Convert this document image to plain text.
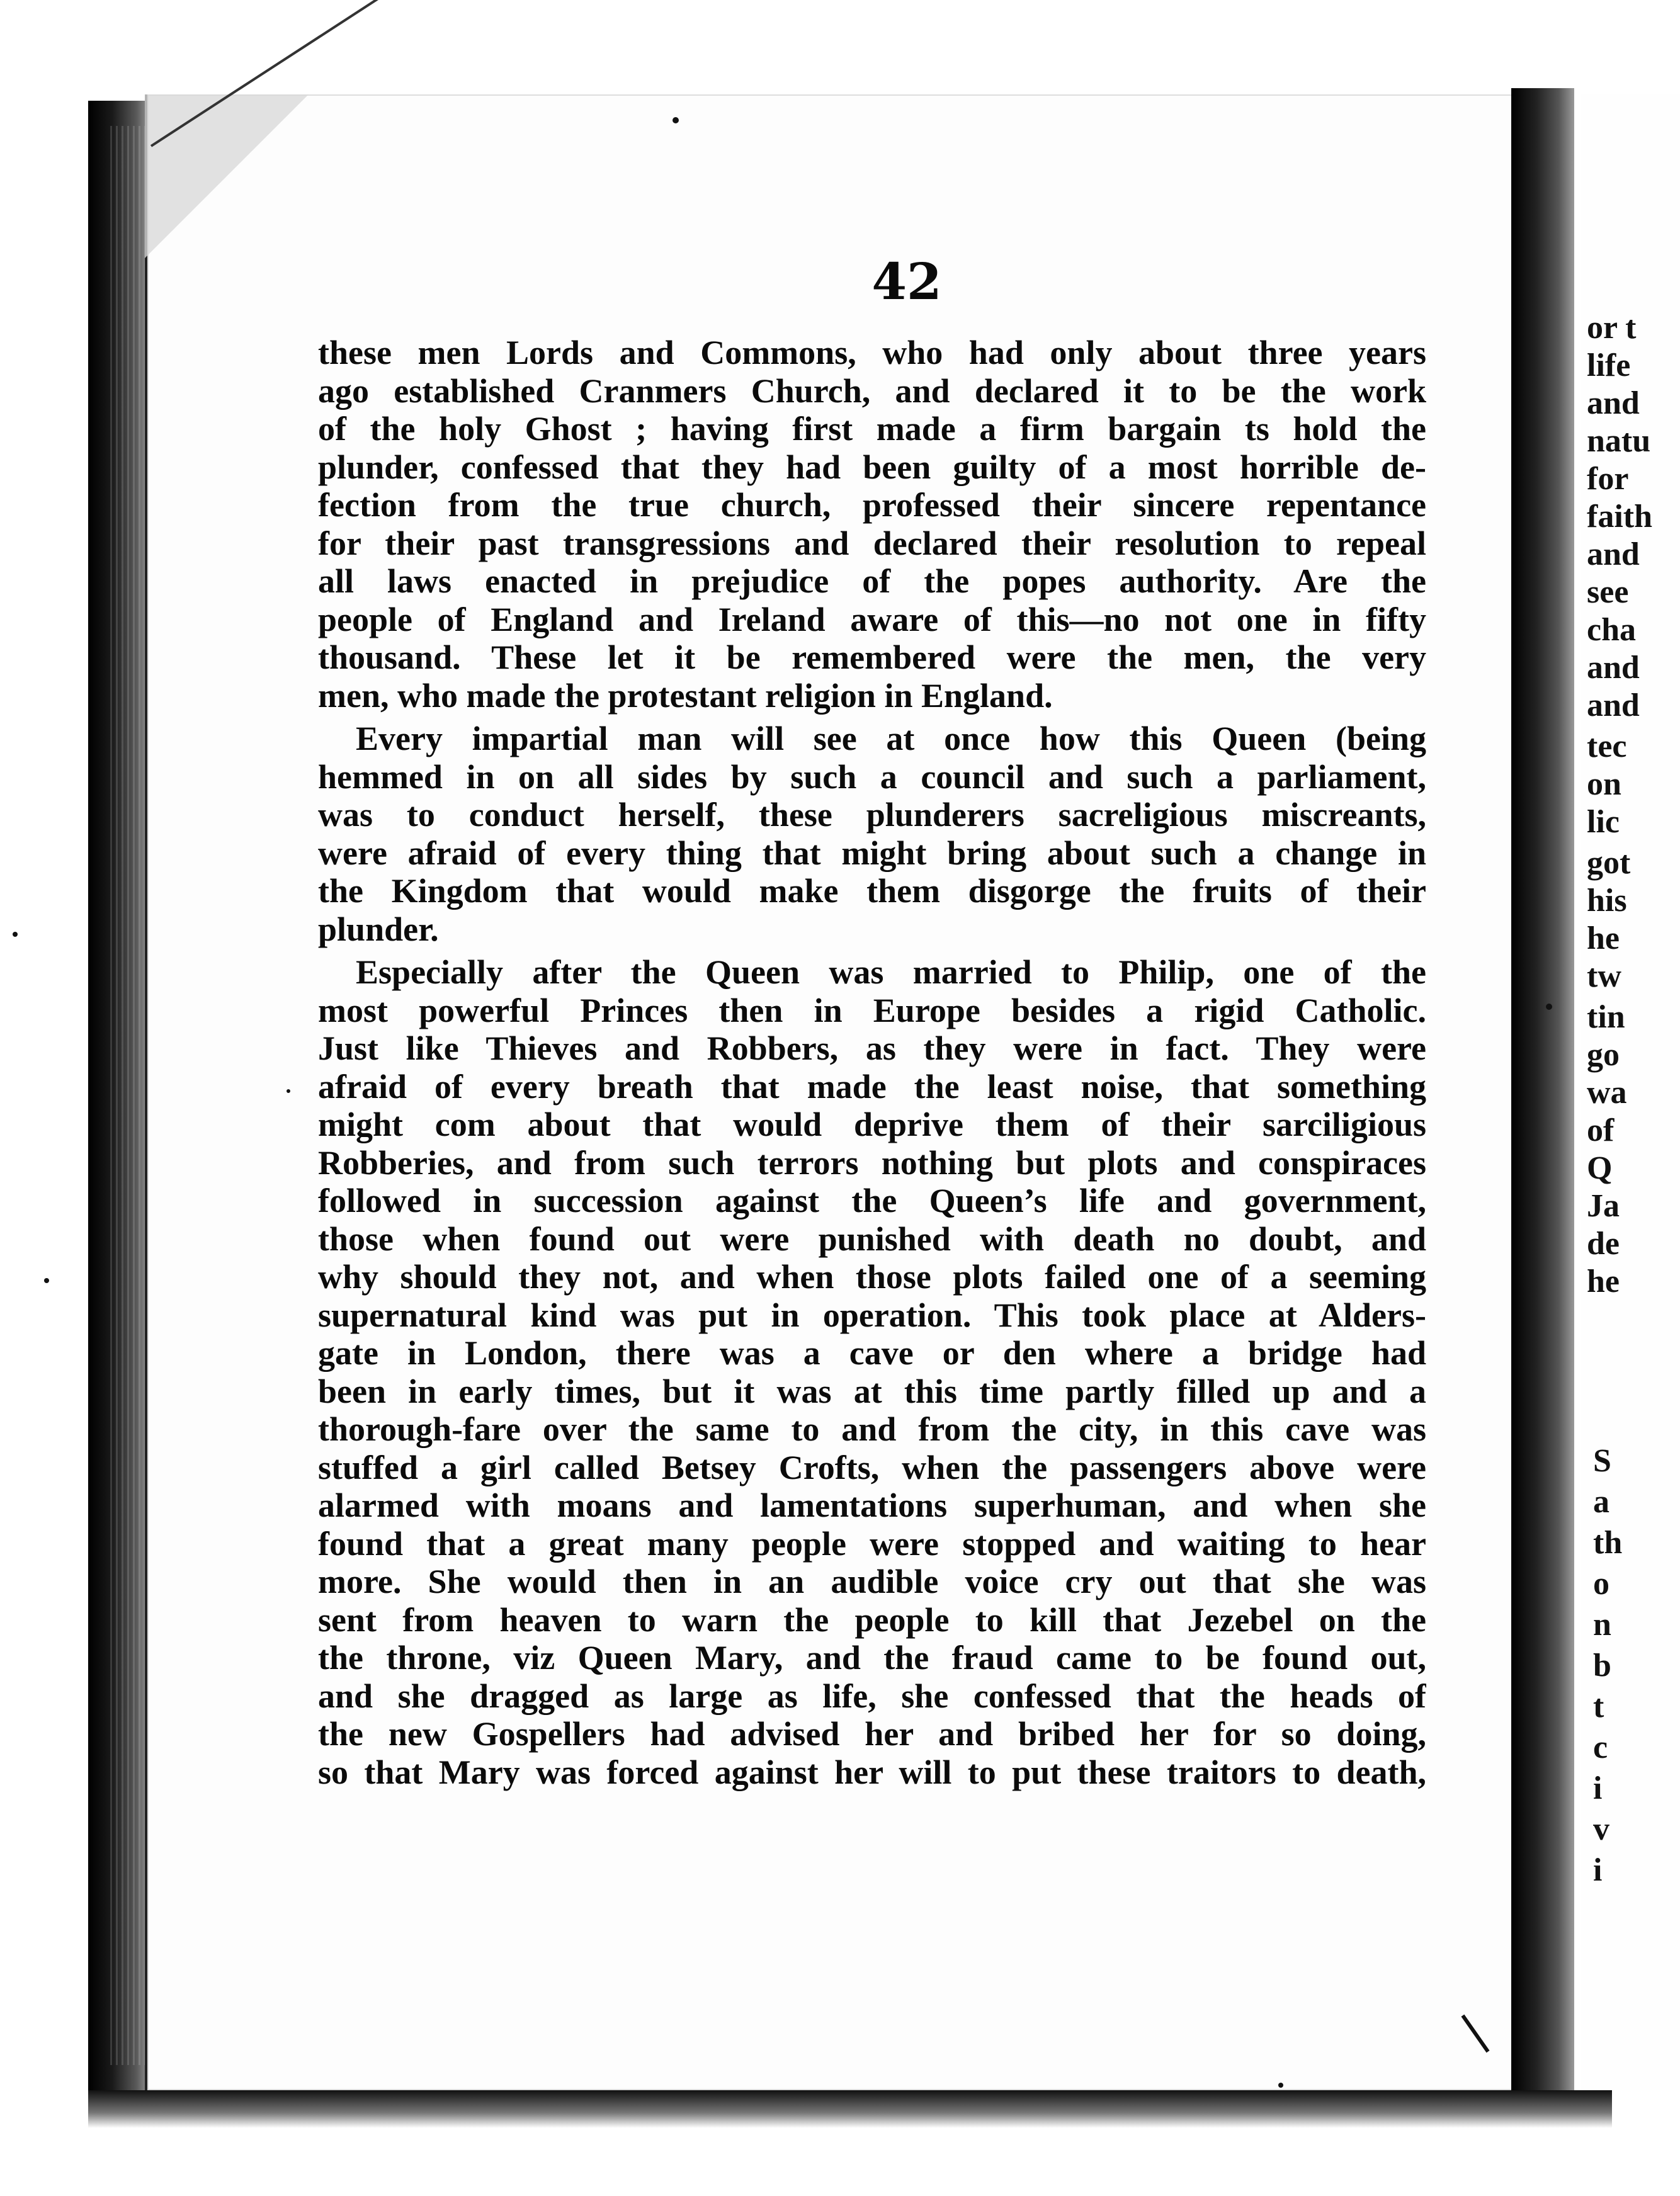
or t
life
and
natu
for
faith
and
see
cha
and
and
tec
on
lic
got
his
he
tw
tin
go
wa
of
Q
Ja
de
he
S
a
th
o
n
b
t
c
i
v
i
42
these men Lords and Commons, who had only about three years
ago established Cranmers Church, and declared it to be the work
of the holy Ghost ; having first made a firm bargain ts hold the
plunder, confessed that they had been guilty of a most horrible de-
fection from the true church, professed their sincere repentance
for their past transgressions and declared their resolution to repeal
all laws enacted in prejudice of the popes authority. Are the
people of England and Ireland aware of this—no not one in fifty
thousand. These let it be remembered were the men, the very
men, who made the protestant religion in England.
Every impartial man will see at once how this Queen (being
hemmed in on all sides by such a council and such a parliament,
was to conduct herself, these plunderers sacreligious miscreants,
were afraid of every thing that might bring about such a change in
the Kingdom that would make them disgorge the fruits of their
plunder.
Especially after the Queen was married to Philip, one of the
most powerful Princes then in Europe besides a rigid Catholic.
Just like Thieves and Robbers, as they were in fact. They were
afraid of every breath that made the least noise, that something
might com about that would deprive them of their sarciligious
Robberies, and from such terrors nothing but plots and conspiraces
followed in succession against the Queen’s life and government,
those when found out were punished with death no doubt, and
why should they not, and when those plots failed one of a seeming
supernatural kind was put in operation. This took place at Alders-
gate in London, there was a cave or den where a bridge had
been in early times, but it was at this time partly filled up and a
thorough-fare over the same to and from the city, in this cave was
stuffed a girl called Betsey Crofts, when the passengers above were
alarmed with moans and lamentations superhuman, and when she
found that a great many people were stopped and waiting to hear
more. She would then in an audible voice cry out that she was
sent from heaven to warn the people to kill that Jezebel on the
the throne, viz Queen Mary, and the fraud came to be found out,
and she dragged as large as life, she confessed that the heads of
the new Gospellers had advised her and bribed her for so doing,
so that Mary was forced against her will to put these traitors to death,
